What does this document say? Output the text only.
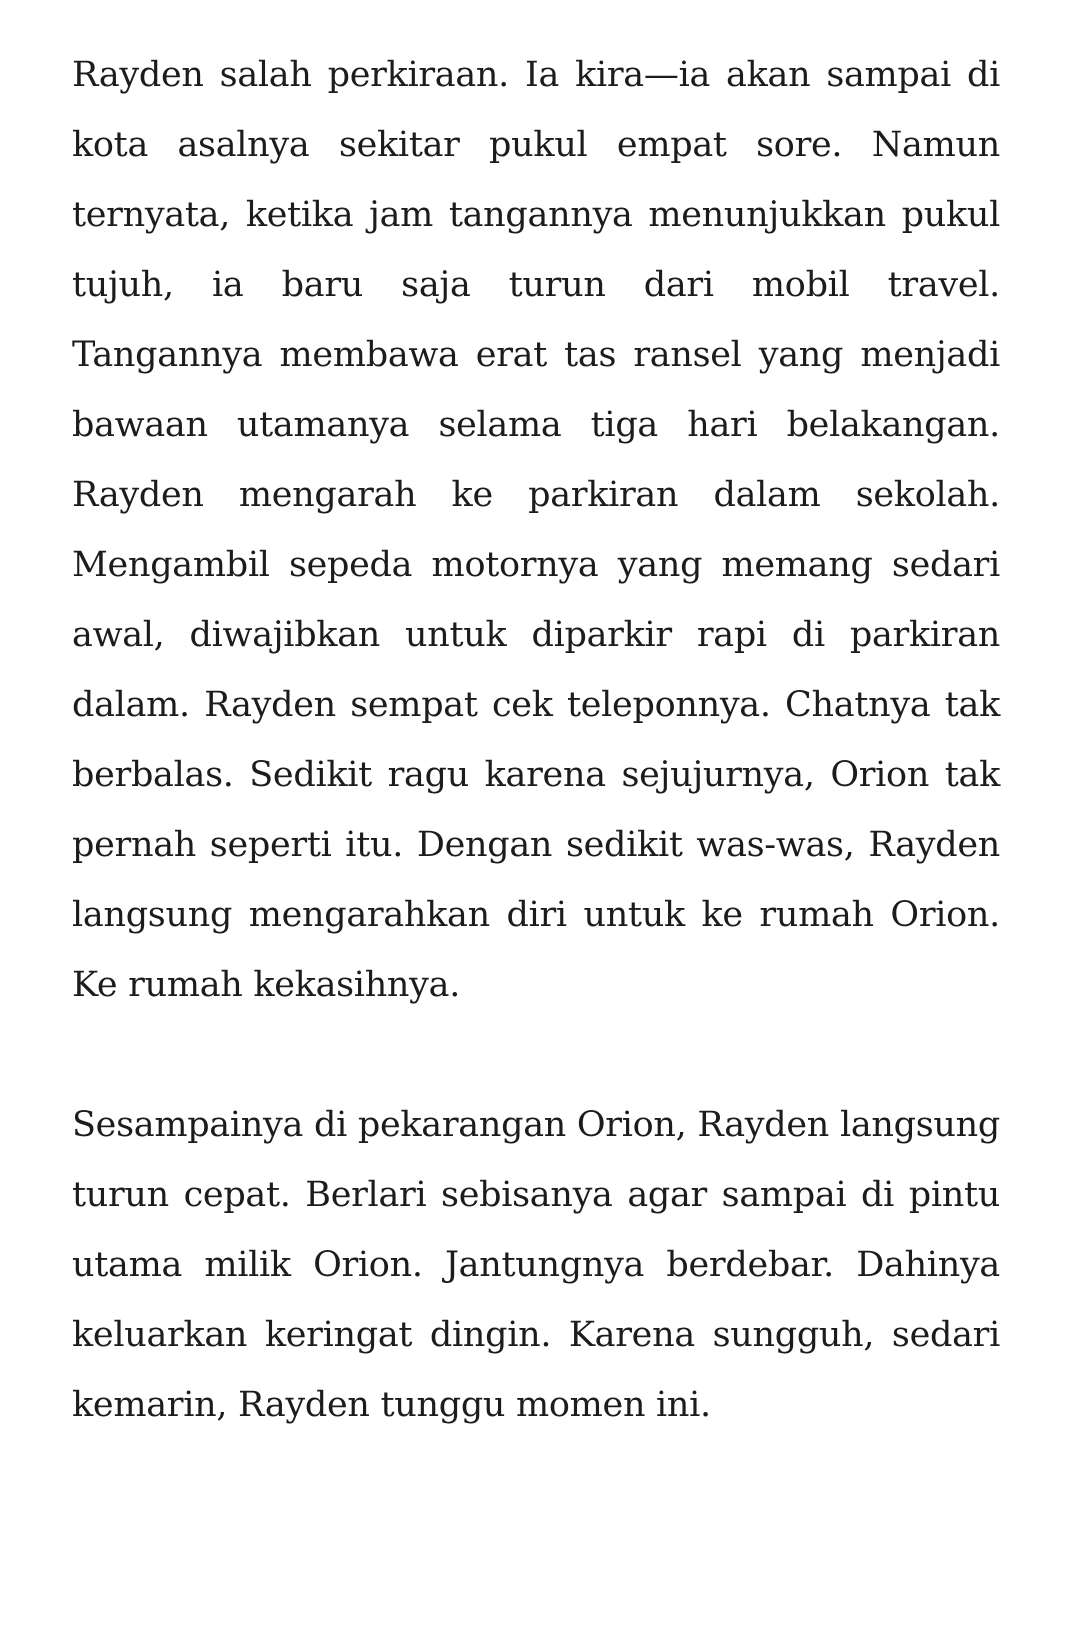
Rayden salah perkiraan. Ia kira—ia akan sampai di kota asalnya sekitar pukul empat sore. Namun ternyata, ketika jam tangannya menunjukkan pukul tujuh, ia baru saja turun dari mobil travel. Tangannya membawa erat tas ransel yang menjadi bawaan utamanya selama tiga hari belakangan. Rayden mengarah ke parkiran dalam sekolah. Mengambil sepeda motornya yang memang sedari awal, diwajibkan untuk diparkir rapi di parkiran dalam. Rayden sempat cek teleponnya. Chatnya tak berbalas. Sedikit ragu karena sejujurnya, Orion tak pernah seperti itu. Dengan sedikit was-was, Rayden langsung mengarahkan diri untuk ke rumah Orion. Ke rumah kekasihnya.

Sesampainya di pekarangan Orion, Rayden langsung turun cepat. Berlari sebisanya agar sampai di pintu utama milik Orion. Jantungnya berdebar. Dahinya keluarkan keringat dingin. Karena sungguh, sedari kemarin, Rayden tunggu momen ini.
